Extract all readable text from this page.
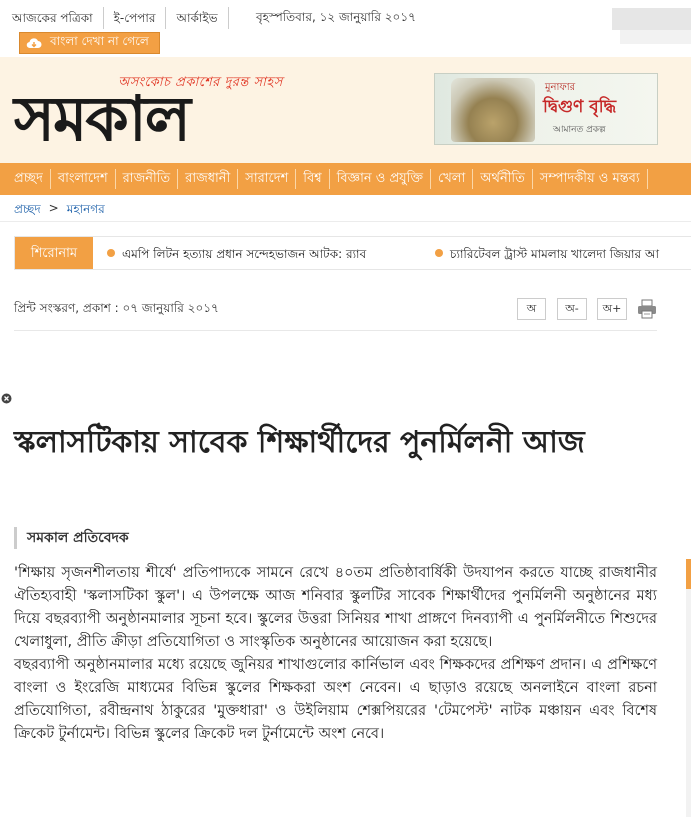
আজকের পত্রিকা	ই-পেপার	আর্কাইভ	বৃহস্পতিবার, ১২ জানুয়ারি ২০১৭
বাংলা দেখা না গেলে
অসংকোচ প্রকাশের দুরন্ত সাহস
সমকাল	মুনাফার
দ্বিগুণ বৃদ্ধি
আমানত প্রকল্প
প্রচ্ছদ	বাংলাদেশ	রাজনীতি	রাজধানী	সারাদেশ	বিশ্ব	বিজ্ঞান ও প্রযুক্তি	খেলা	অর্থনীতি	সম্পাদকীয় ও মন্তব্য
প্রচ্ছদ > মহানগর
শিরোনাম	এমপি লিটন হত্যায় প্রধান সন্দেহভাজন আটক: র‍্যাব	চ্যারিটেবল ট্রাস্ট মামলায় খালেদা জিয়ার আ
প্রিন্ট সংস্করণ, প্রকাশ : ০৭ জানুয়ারি ২০১৭	অ	অ-	অ+
স্কলাসটিকায় সাবেক শিক্ষার্থীদের পুনর্মিলনী আজ
সমকাল প্রতিবেদক

'শিক্ষায় সৃজনশীলতায় শীর্ষে' প্রতিপাদ্যকে সামনে রেখে ৪০তম প্রতিষ্ঠাবার্ষিকী উদযাপন করতে যাচ্ছে রাজধানীর ঐতিহ্যবাহী 'স্কলাসটিকা স্কুল'। এ উপলক্ষে আজ শনিবার স্কুলটির সাবেক শিক্ষার্থীদের পুনর্মিলনী অনুষ্ঠানের মধ্য দিয়ে বছরব্যাপী অনুষ্ঠানমালার সূচনা হবে। স্কুলের উত্তরা সিনিয়র শাখা প্রাঙ্গণে দিনব্যাপী এ পুনর্মিলনীতে শিশুদের খেলাধুলা, প্রীতি ক্রীড়া প্রতিযোগিতা ও সাংস্কৃতিক অনুষ্ঠানের আয়োজন করা হয়েছে।

বছরব্যাপী অনুষ্ঠানমালার মধ্যে রয়েছে জুনিয়র শাখাগুলোর কার্নিভাল এবং শিক্ষকদের প্রশিক্ষণ প্রদান। এ প্রশিক্ষণে বাংলা ও ইংরেজি মাধ্যমের বিভিন্ন স্কুলের শিক্ষকরা অংশ নেবেন। এ ছাড়াও রয়েছে অনলাইনে বাংলা রচনা প্রতিযোগিতা, রবীন্দ্রনাথ ঠাকুরের 'মুক্তধারা' ও উইলিয়াম শেক্সপিয়রের 'টেমপেস্ট' নাটক মঞ্চায়ন এবং বিশেষ ক্রিকেট টুর্নামেন্ট। বিভিন্ন স্কুলের ক্রিকেট দল টুর্নামেন্টে অংশ নেবে।
